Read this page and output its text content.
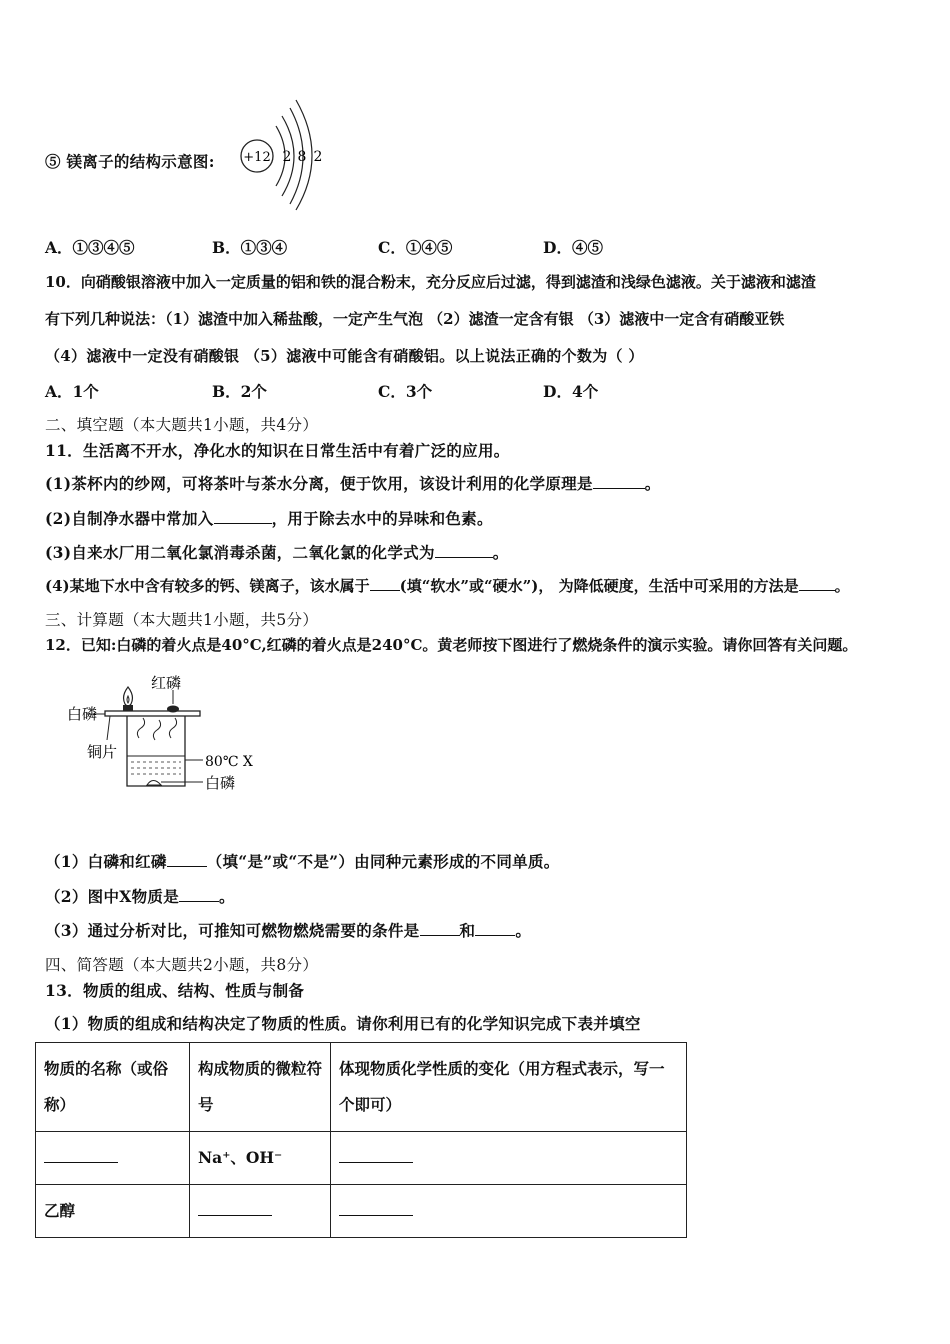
⑤ 镁离子的结构示意图: +12 2 8 2
A．①③④⑤	B．①③④	C．①④⑤	D．④⑤
10．向硝酸银溶液中加入一定质量的铝和铁的混合粉末，充分反应后过滤，得到滤渣和浅绿色滤液。关于滤液和滤渣
有下列几种说法：（1）滤渣中加入稀盐酸，一定产生气泡 （2）滤渣一定含有银 （3）滤液中一定含有硝酸亚铁
（4）滤液中一定没有硝酸银 （5）滤液中可能含有硝酸铝。以上说法正确的个数为（ ）
A．1个	B．2个	C．3个	D．4个
二、填空题（本大题共1小题，共4分）
11．生活离不开水，净化水的知识在日常生活中有着广泛的应用。
(1)茶杯内的纱网，可将茶叶与茶水分离，便于饮用，该设计利用的化学原理是	。
(2)自制净水器中常加入	，用于除去水中的异味和色素。
(3)自来水厂用二氧化氯消毒杀菌，二氧化氯的化学式为	。
(4)某地下水中含有较多的钙、镁离子，该水属于 (填“软水”或“硬水”)， 为降低硬度，生活中可采用的方法是 。
三、计算题（本大题共1小题，共5分）
12．已知:白磷的着火点是40°C,红磷的着火点是240°C。黄老师按下图进行了燃烧条件的演示实验。请你回答有关问题。
红磷
白磷
铜片
80℃ X
白磷
（1）白磷和红磷	（填“是”或“不是”）由同种元素形成的不同单质。
（2）图中X物质是	。
（3）通过分析对比，可推知可燃物燃烧需要的条件是	和	。
四、简答题（本大题共2小题，共8分）
13．物质的组成、结构、性质与制备
（1）物质的组成和结构决定了物质的性质。请你利用已有的化学知识完成下表并填空
物质的名称（或俗称）	构成物质的微粒符号	体现物质化学性质的变化（用方程式表示，写一个即可）
	Na⁺、OH⁻	
乙醇		
